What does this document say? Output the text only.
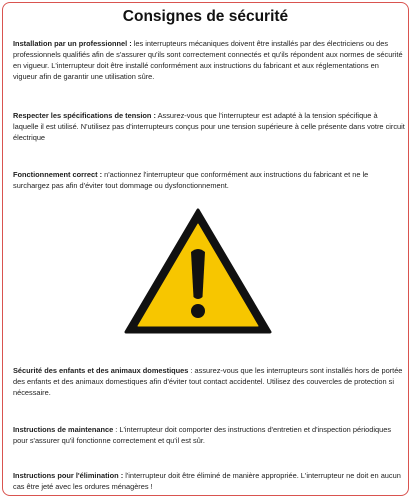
Consignes de sécurité
Installation par un professionnel : les interrupteurs mécaniques doivent être installés par des électriciens ou des professionnels qualifiés afin de s'assurer qu'ils sont correctement connectés et qu'ils répondent aux normes de sécurité en vigueur. L'interrupteur doit être installé conformément aux instructions du fabricant et aux réglementations en vigueur afin de garantir une utilisation sûre.
Respecter les spécifications de tension : Assurez-vous que l'interrupteur est adapté à la tension spécifique à laquelle il est utilisé. N'utilisez pas d'interrupteurs conçus pour une tension supérieure à celle présente dans votre circuit électrique
Fonctionnement correct : n'actionnez l'interrupteur que conformément aux instructions du fabricant et ne le surchargez pas afin d'éviter tout dommage ou dysfonctionnement.
Sécurité des enfants et des animaux domestiques : assurez-vous que les interrupteurs sont installés hors de portée des enfants et des animaux domestiques afin d'éviter tout contact accidentel. Utilisez des couvercles de protection si nécessaire.
Instructions de maintenance : L'interrupteur doit comporter des instructions d'entretien et d'inspection périodiques pour s'assurer qu'il fonctionne correctement et qu'il est sûr.
Instructions pour l'élimination : l'interrupteur doit être éliminé de manière appropriée. L'interrupteur ne doit en aucun cas être jeté avec les ordures ménagères !
